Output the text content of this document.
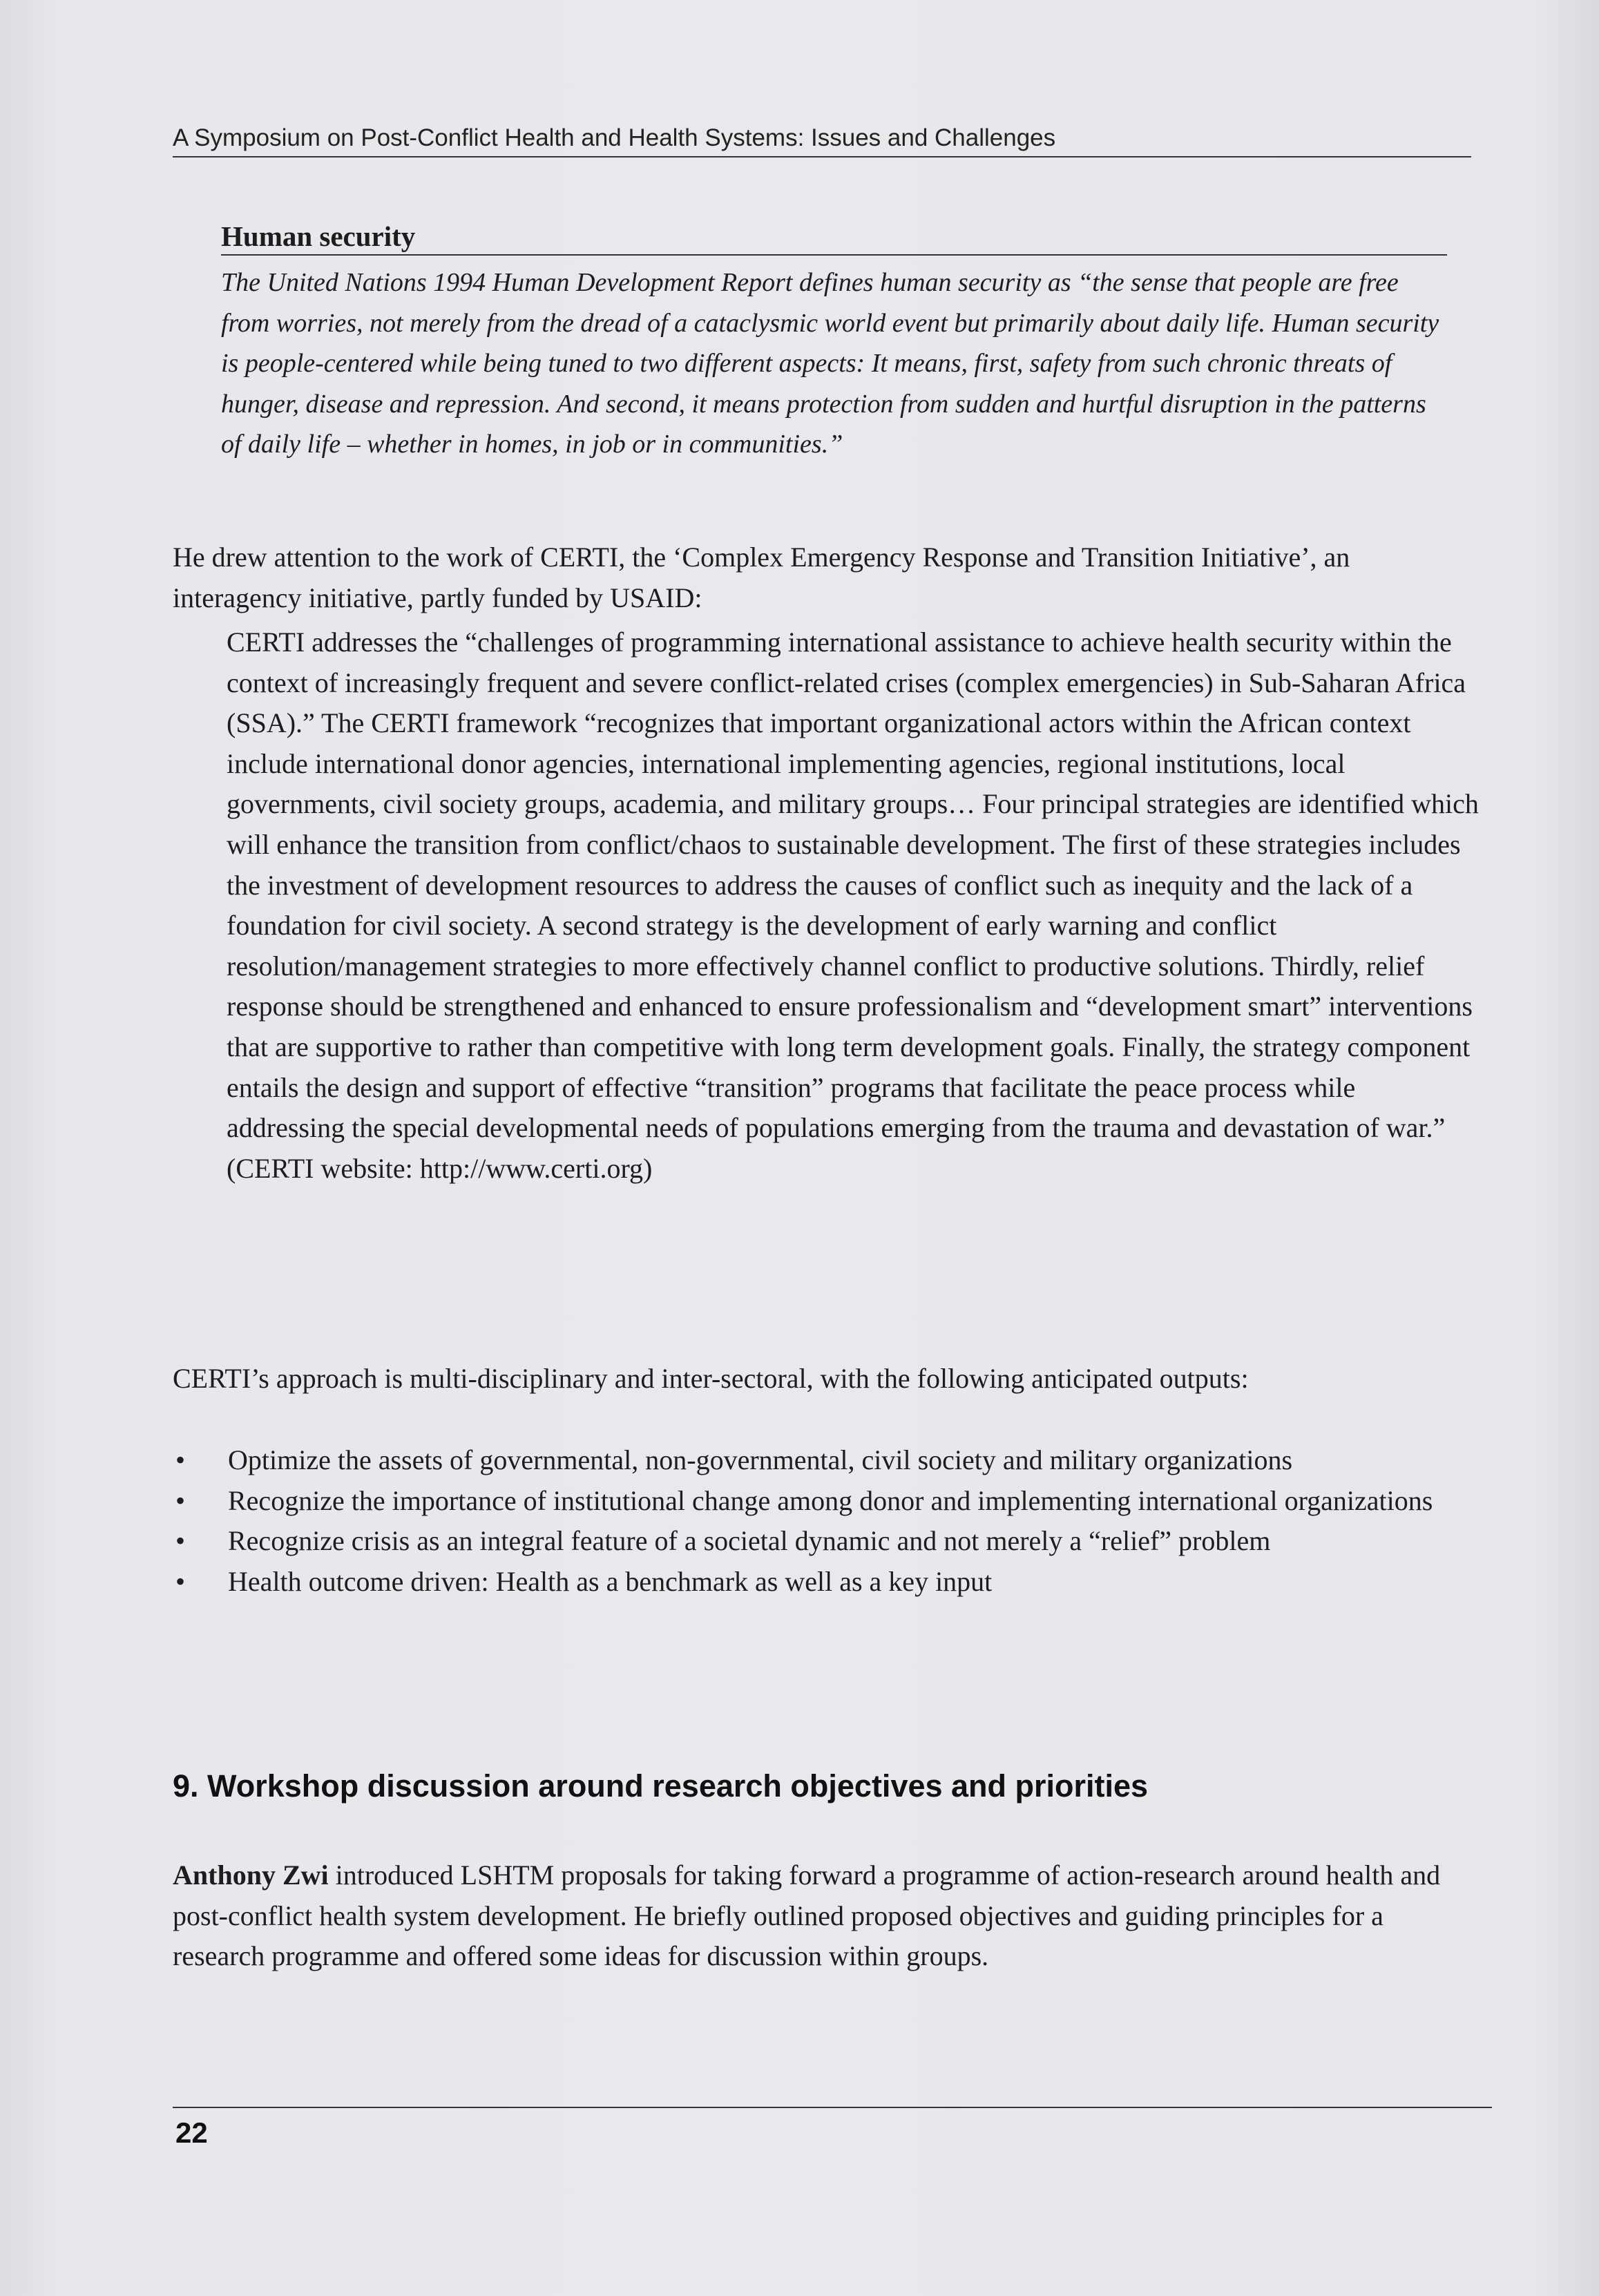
A Symposium on Post-Conflict Health and Health Systems: Issues and Challenges
Human security

The United Nations 1994 Human Development Report defines human security as “the sense that people are free from worries, not merely from the dread of a cataclysmic world event but primarily about daily life. Human security is people-centered while being tuned to two different aspects: It means, first, safety from such chronic threats of hunger, disease and repression. And second, it means protection from sudden and hurtful disruption in the patterns of daily life – whether in homes, in job or in communities.”

He drew attention to the work of CERTI, the ‘Complex Emergency Response and Transition Initiative’, an interagency initiative, partly funded by USAID:

CERTI addresses the “challenges of programming international assistance to achieve health security within the context of increasingly frequent and severe conflict-related crises (complex emergencies) in Sub-Saharan Africa (SSA).” The CERTI framework “recognizes that important organizational actors within the African context include international donor agencies, international implementing agencies, regional institutions, local governments, civil society groups, academia, and military groups… Four principal strategies are identified which will enhance the transition from conflict/chaos to sustainable development. The first of these strategies includes the investment of development resources to address the causes of conflict such as inequity and the lack of a foundation for civil society. A second strategy is the development of early warning and conflict resolution/management strategies to more effectively channel conflict to productive solutions. Thirdly, relief response should be strengthened and enhanced to ensure professionalism and “development smart” interventions that are supportive to rather than competitive with long term development goals. Finally, the strategy component entails the design and support of effective “transition” programs that facilitate the peace process while addressing the special developmental needs of populations emerging from the trauma and devastation of war.” (CERTI website: http://www.certi.org)

CERTI’s approach is multi-disciplinary and inter-sectoral, with the following anticipated outputs:

• Optimize the assets of governmental, non-governmental, civil society and military organizations
• Recognize the importance of institutional change among donor and implementing international organizations
• Recognize crisis as an integral feature of a societal dynamic and not merely a “relief” problem
• Health outcome driven: Health as a benchmark as well as a key input
9. Workshop discussion around research objectives and priorities

Anthony Zwi introduced LSHTM proposals for taking forward a programme of action-research around health and post-conflict health system development. He briefly outlined proposed objectives and guiding principles for a research programme and offered some ideas for discussion within groups.

22
